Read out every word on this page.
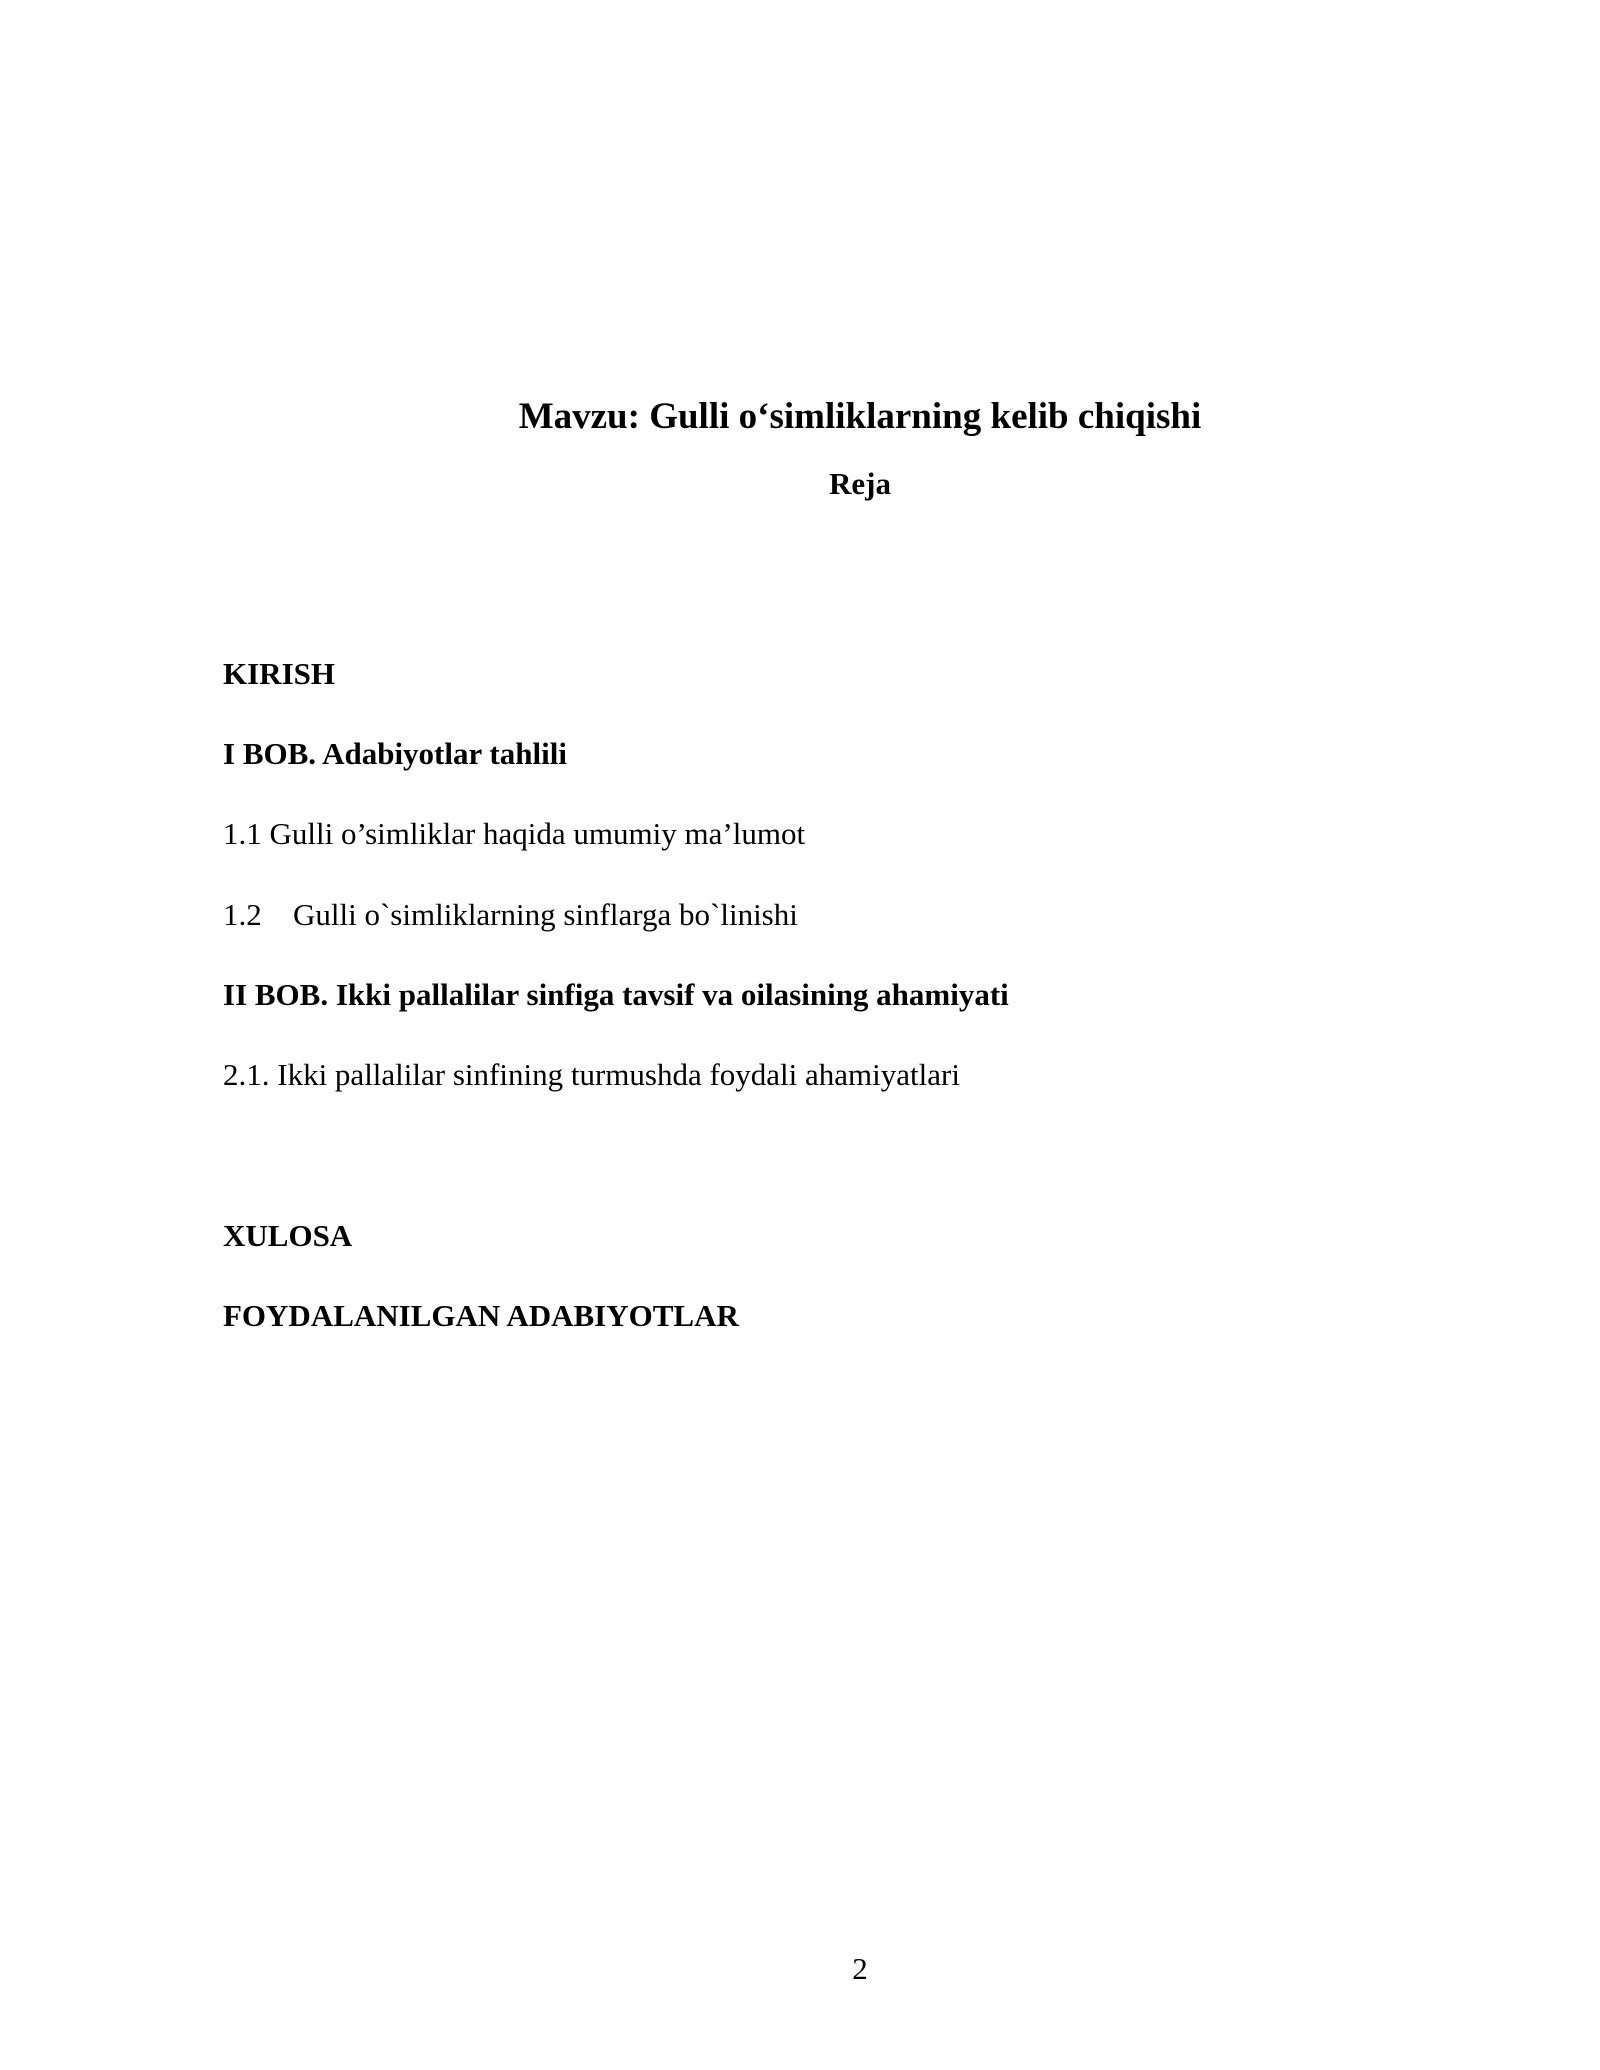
Mavzu: Gulli o‘simliklarning kelib chiqishi
Reja
KIRISH
I BOB. Adabiyotlar tahlili
1.1 Gulli o’simliklar haqida umumiy ma’lumot
1.2 Gulli o`simliklarning sinflarga bo`linishi
II BOB. Ikki pallalilar sinfiga tavsif va oilasining ahamiyati
2.1. Ikki pallalilar sinfining turmushda foydali ahamiyatlari
XULOSA
FOYDALANILGAN ADABIYOTLAR
2
